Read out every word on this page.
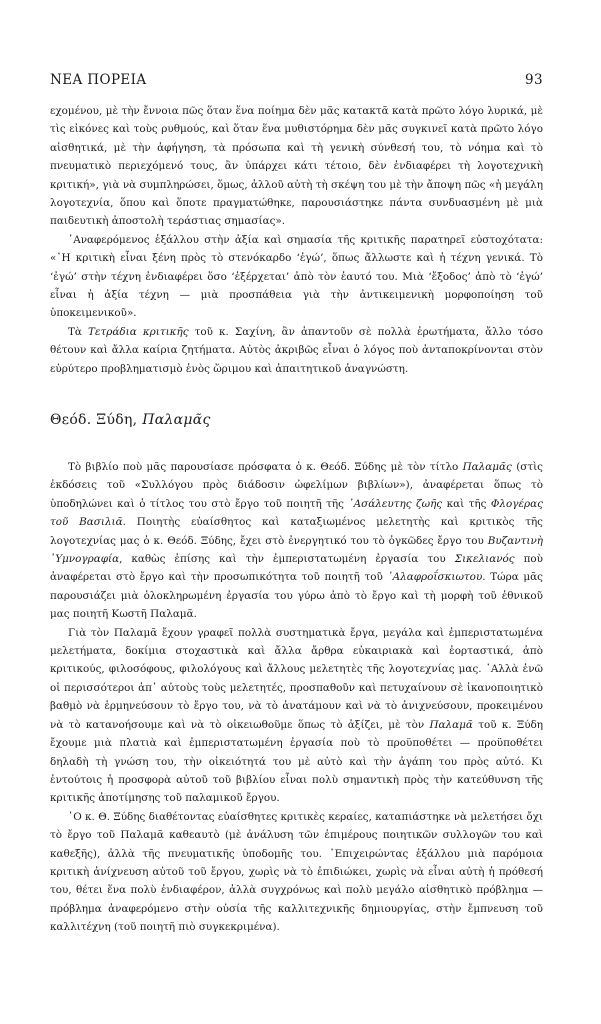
ΝΕΑ ΠΟΡΕΙΑ	93

εχομένου, μὲ τὴν ἔννοια πῶς ὅταν ἕνα ποίημα δὲν μᾶς κατακτᾶ κατὰ πρῶτο λόγο λυρικά, μὲ τὶς εἰκόνες καὶ τοὺς ρυθμούς, καὶ ὅταν ἕνα μυθιστόρημα δὲν μᾶς συγκινεῖ κατὰ πρῶτο λόγο αἰσθητικά, μὲ τὴν ἀφήγηση, τὰ πρόσωπα καὶ τὴ γενικὴ σύνθεσή του, τὸ νόημα καὶ τὸ πνευματικὸ περιεχόμενό τους, ἂν ὑπάρχει κάτι τέτοιο, δὲν ἐνδιαφέρει τὴ λογοτεχνικὴ κριτική», γιὰ νὰ συμπληρώσει, ὅμως, ἀλλοῦ αὐτὴ τὴ σκέψη του μὲ τὴν ἄποψη πῶς «ἡ μεγάλη λογοτεχνία, ὅπου καὶ ὅποτε πραγματώθηκε, παρουσιάστηκε πάντα συνδυασμένη μὲ μιὰ παιδευτικὴ ἀποστολὴ τεράστιας σημασίας».

᾿Αναφερόμενος ἐξάλλου στὴν ἀξία καὶ σημασία τῆς κριτικῆς παρατηρεῖ εὐστοχότατα: «῾Η κριτικὴ εἶναι ξένη πρὸς τὸ στενόκαρδο ‘ἐγώ’, ὅπως ἄλλωστε καὶ ἡ τέχνη γενικά. Τὸ ‘ἐγώ’ στὴν τέχνη ἐνδιαφέρει ὅσο ‘ἐξέρχεται’ ἀπὸ τὸν ἑαυτό του. Μιὰ ‘ἔξοδος’ ἀπὸ τὸ ‘ἐγώ’ εἶναι ἡ ἀξία τέχνη — μιὰ προσπάθεια γιὰ τὴν ἀντικειμενικὴ μορφοποίηση τοῦ ὑποκειμενικοῦ».

Τὰ Τετράδια κριτικῆς τοῦ κ. Σαχίνη, ἂν ἀπαντοῦν σὲ πολλὰ ἐρωτήματα, ἄλλο τόσο θέτουν καὶ ἄλλα καίρια ζητήματα. Αὐτὸς ἀκριβῶς εἶναι ὁ λόγος ποὺ ἀνταποκρίνονται στὸν εὐρύτερο προβληματισμὸ ἑνὸς ὥριμου καὶ ἀπαιτητικοῦ ἀναγνώστη.

Θεόδ. Ξύδη, Παλαμᾶς

Τὸ βιβλίο ποὺ μᾶς παρουσίασε πρόσφατα ὁ κ. Θεόδ. Ξύδης μὲ τὸν τίτλο Παλαμᾶς (στὶς ἐκδόσεις τοῦ «Συλλόγου πρὸς διάδοσιν ὠφελίμων βιβλίων»), ἀναφέρεται ὅπως τὸ ὑποδηλώνει καὶ ὁ τίτλος του στὸ ἔργο τοῦ ποιητῆ τῆς ᾿Ασάλευτης ζωῆς καὶ τῆς Φλογέρας τοῦ Βασιλιᾶ. Ποιητὴς εὐαίσθητος καὶ καταξιωμένος μελετητὴς καὶ κριτικὸς τῆς λογοτεχνίας μας ὁ κ. Θεόδ. Ξύδης, ἔχει στὸ ἐνεργητικό του τὸ ὀγκῶδες ἔργο του Βυζαντινὴ ῾Υμνογραφία, καθὼς ἐπίσης καὶ τὴν ἐμπεριστατωμένη ἐργασία του Σικελιανός ποὺ ἀναφέρεται στὸ ἔργο καὶ τὴν προσωπικότητα τοῦ ποιητῆ τοῦ ᾿Αλαφροΐσκιωτου. Τώρα μᾶς παρουσιάζει μιὰ ὁλοκληρωμένη ἐργασία του γύρω ἀπὸ τὸ ἔργο καὶ τὴ μορφὴ τοῦ ἐθνικοῦ μας ποιητῆ Κωστῆ Παλαμᾶ.

Γιὰ τὸν Παλαμᾶ ἔχουν γραφεῖ πολλὰ συστηματικὰ ἔργα, μεγάλα καὶ ἐμπεριστατωμένα μελετήματα, δοκίμια στοχαστικὰ καὶ ἄλλα ἄρθρα εὐκαιριακὰ καὶ ἑορταστικά, ἀπὸ κριτικούς, φιλοσόφους, φιλολόγους καὶ ἄλλους μελετητὲς τῆς λογοτεχνίας μας. ᾿Αλλὰ ἐνῶ οἱ περισσότεροι ἀπ᾿ αὐτοὺς τοὺς μελετητές, προσπαθοῦν καὶ πετυχαίνουν σὲ ἱκανοποιητικὸ βαθμὸ νὰ ἑρμηνεύσουν τὸ ἔργο του, νὰ τὸ ἀνατάμουν καὶ νὰ τὸ ἀνιχνεύσουν, προκειμένου νὰ τὸ κατανοήσουμε καὶ νὰ τὸ οἰκειωθοῦμε ὅπως τὸ ἀξίζει, μὲ τὸν Παλαμᾶ τοῦ κ. Ξύδη ἔχουμε μιὰ πλατιὰ καὶ ἐμπεριστατωμένη ἐργασία ποὺ τὸ προϋποθέτει — προϋποθέτει δηλαδὴ τὴ γνώση του, τὴν οἰκειότητά του μὲ αὐτὸ καὶ τὴν ἀγάπη του πρὸς αὐτό. Κι ἐντούτοις ἡ προσφορὰ αὐτοῦ τοῦ βιβλίου εἶναι πολὺ σημαντικὴ πρὸς τὴν κατεύθυνση τῆς κριτικῆς ἀποτίμησης τοῦ παλαμικοῦ ἔργου.

῾Ο κ. Θ. Ξύδης διαθέτοντας εὐαίσθητες κριτικὲς κεραίες, καταπιάστηκε νὰ μελετήσει ὄχι τὸ ἔργο τοῦ Παλαμᾶ καθεαυτὸ (μὲ ἀνάλυση τῶν ἐπιμέρους ποιητικῶν συλλογῶν του καὶ καθεξῆς), ἀλλὰ τῆς πνευματικῆς ὑποδομῆς του. ᾿Επιχειρώντας ἐξάλλου μιὰ παρόμοια κριτικὴ ἀνίχνευση αὐτοῦ τοῦ ἔργου, χωρὶς νὰ τὸ ἐπιδιώκει, χωρὶς νὰ εἶναι αὐτὴ ἡ πρόθεσή του, θέτει ἕνα πολὺ ἐνδιαφέρον, ἀλλὰ συγχρόνως καὶ πολὺ μεγάλο αἰσθητικὸ πρόβλημα — πρόβλημα ἀναφερόμενο στὴν οὐσία τῆς καλλιτεχνικῆς δημιουργίας, στὴν ἔμπνευση τοῦ καλλιτέχνη (τοῦ ποιητῆ πιὸ συγκεκριμένα).
